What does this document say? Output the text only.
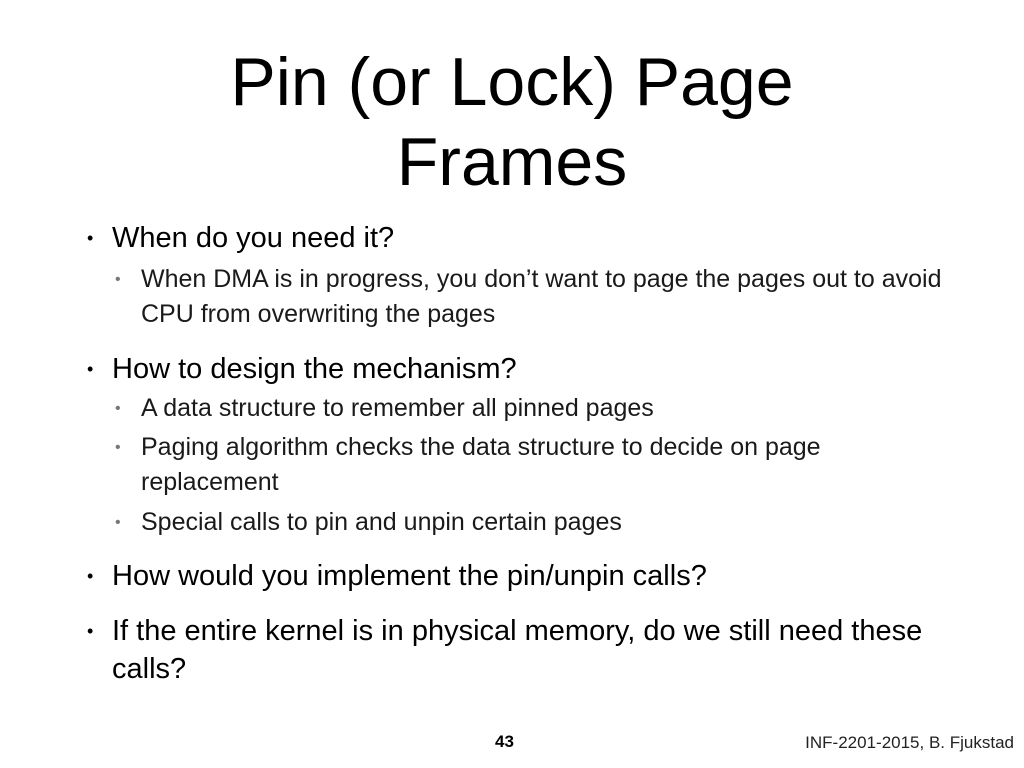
Pin (or Lock) Page
Frames
• When do you need it?
• When DMA is in progress, you don’t want to page the pages out to avoid CPU from overwriting the pages
• How to design the mechanism?
• A data structure to remember all pinned pages
• Paging algorithm checks the data structure to decide on page replacement
• Special calls to pin and unpin certain pages
• How would you implement the pin/unpin calls?
• If the entire kernel is in physical memory, do we still need these calls?
43	INF-2201-2015, B. Fjukstad
